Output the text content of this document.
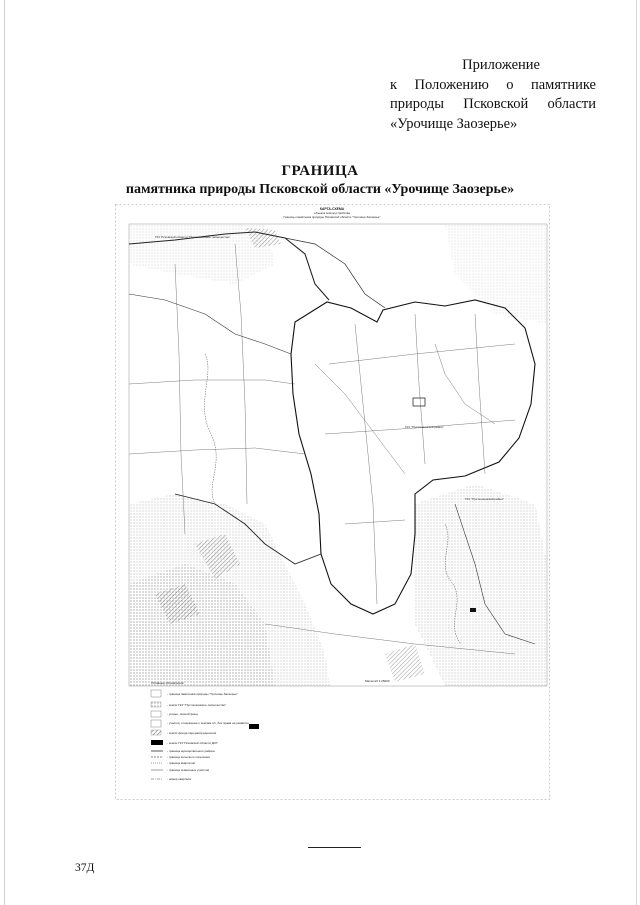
Приложение
к Положению о памятнике
природы Псковской области
«Урочище Заозерье»
ГРАНИЦА
памятника природы Псковской области «Урочище Заозерье»
КАРТА-СХЕМА
объекта землеустройства
Границы памятника природы Псковской области "Урочище Заозерье"
ГКУ "Пустошкинский район"
ГКУ "Пустошкинский район"
ГКУ Псковской области "Пустошкинское лесничество"
Масштаб 1:25000
Условные обозначения:
- граница памятника природы "Урочище Заозерье"
- земли ГКУ "Пустошкинское лесничество"
- угодья, лесной фонд
- участки, отнесённые к землям с/х, без права на развитие
- земли фонда перераспределения
- земли ГКУ Псковской области ДОТ
- граница муниципального района
- граница сельского поселения
- граница кварталов
- граница земельных участков
- номер квартала
37Д
